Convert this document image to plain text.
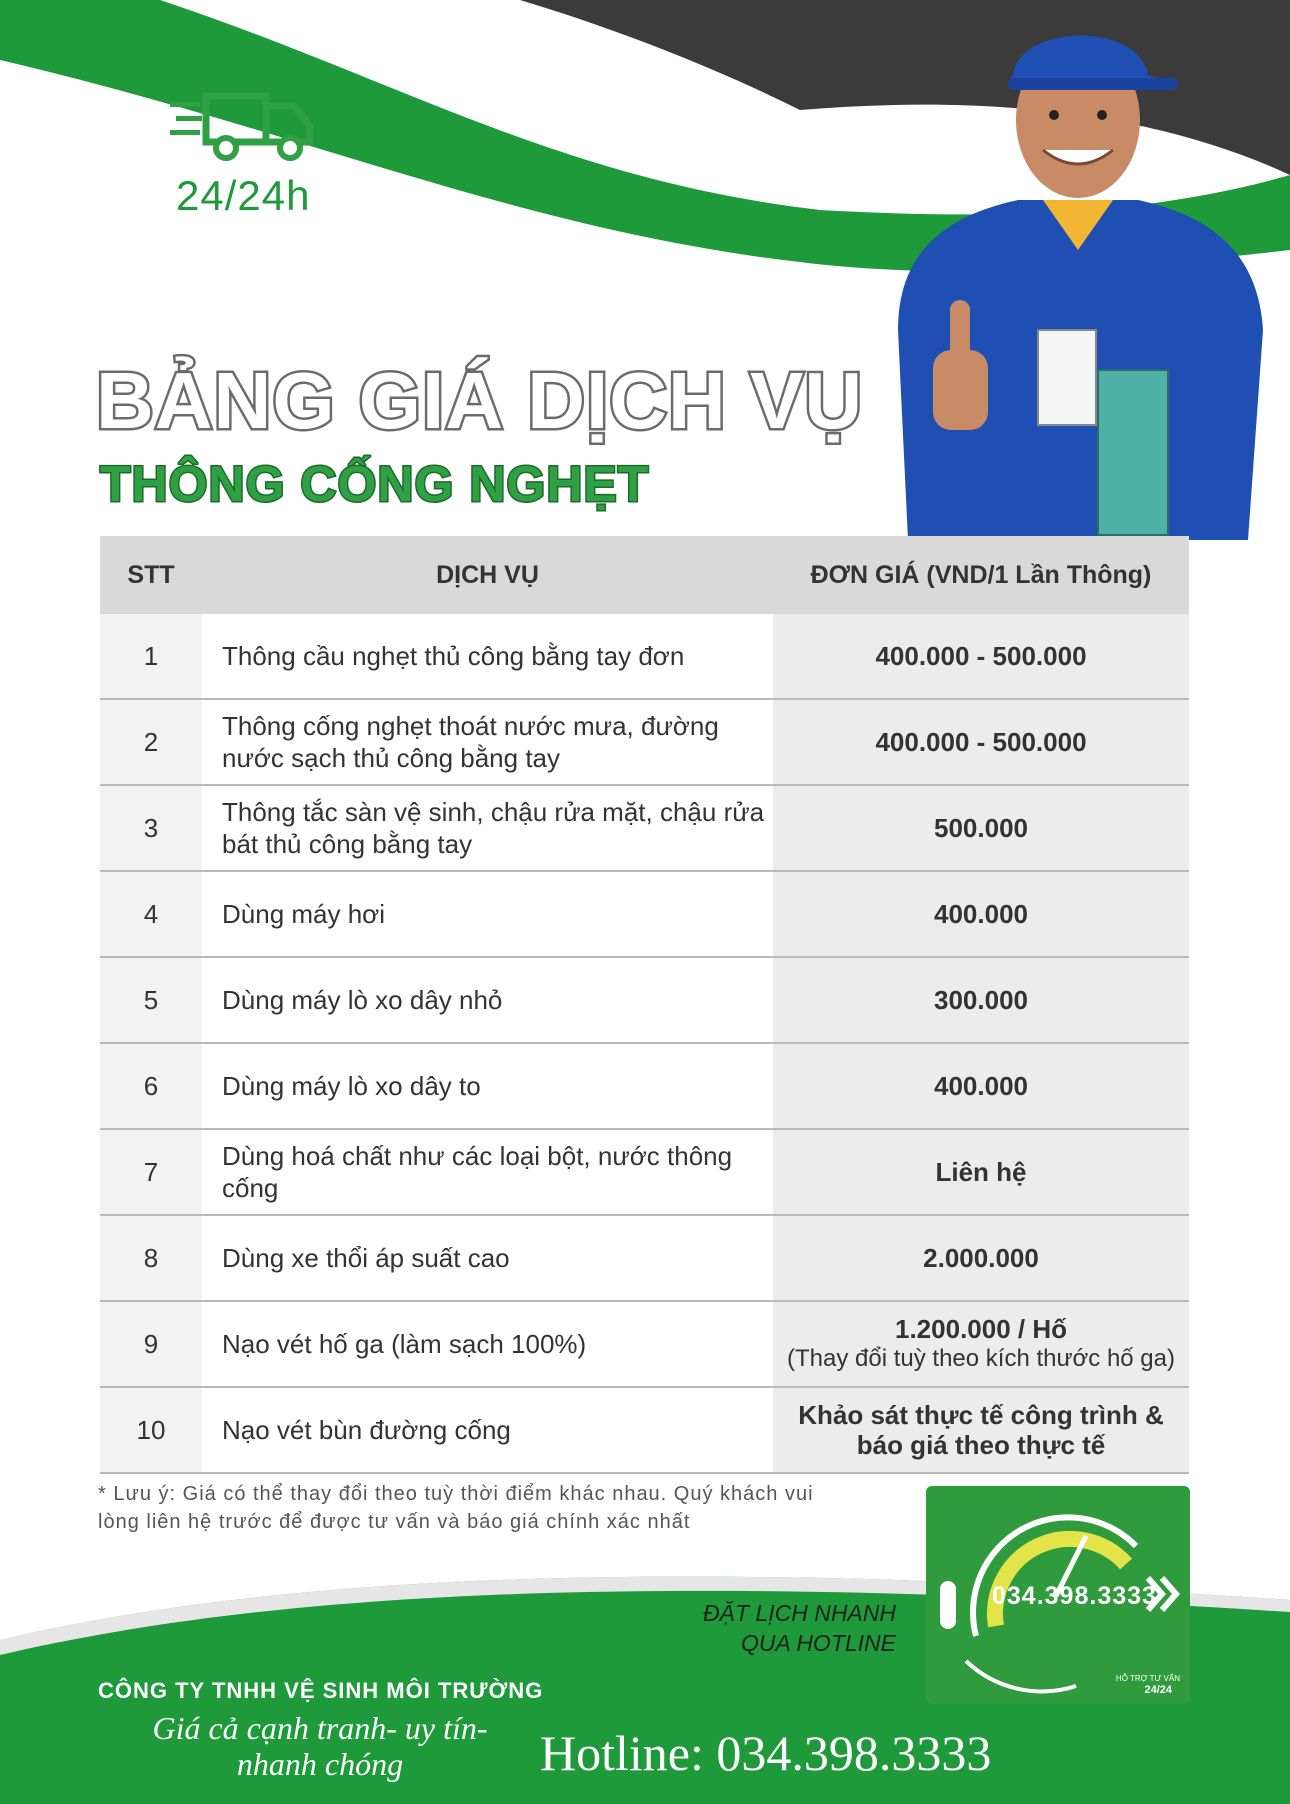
24/24h
BẢNG GIÁ DỊCH VỤ
THÔNG CỐNG NGHẸT
STT	DỊCH VỤ	ĐƠN GIÁ (VND/1 Lần Thông)
1	Thông cầu nghẹt thủ công bằng tay đơn	400.000 - 500.000
2	Thông cống nghẹt thoát nước mưa, đường nước sạch thủ công bằng tay	400.000 - 500.000
3	Thông tắc sàn vệ sinh, chậu rửa mặt, chậu rửa bát thủ công bằng tay	500.000
4	Dùng máy hơi	400.000
5	Dùng máy lò xo dây nhỏ	300.000
6	Dùng máy lò xo dây to	400.000
7	Dùng hoá chất như các loại bột, nước thông cống	Liên hệ
8	Dùng xe thổi áp suất cao	2.000.000
9	Nạo vét hố ga (làm sạch 100%)	1.200.000 / Hố
(Thay đổi tuỳ theo kích thước hố ga)

10	Nạo vét bùn đường cống	Khảo sát thực tế công trình & báo giá theo thực tế
* Lưu ý: Giá có thể thay đổi theo tuỳ thời điểm khác nhau. Quý khách vui lòng liên hệ trước để được tư vấn và báo giá chính xác nhất
ĐẶT LỊCH NHANH
QUA HOTLINE
034.398.3333
HỖ TRỢ TƯ VẤN
24/24
CÔNG TY TNHH VỆ SINH MÔI TRƯỜNG
Giá cả cạnh tranh- uy tín-
nhanh chóng	Hotline: 034.398.3333
